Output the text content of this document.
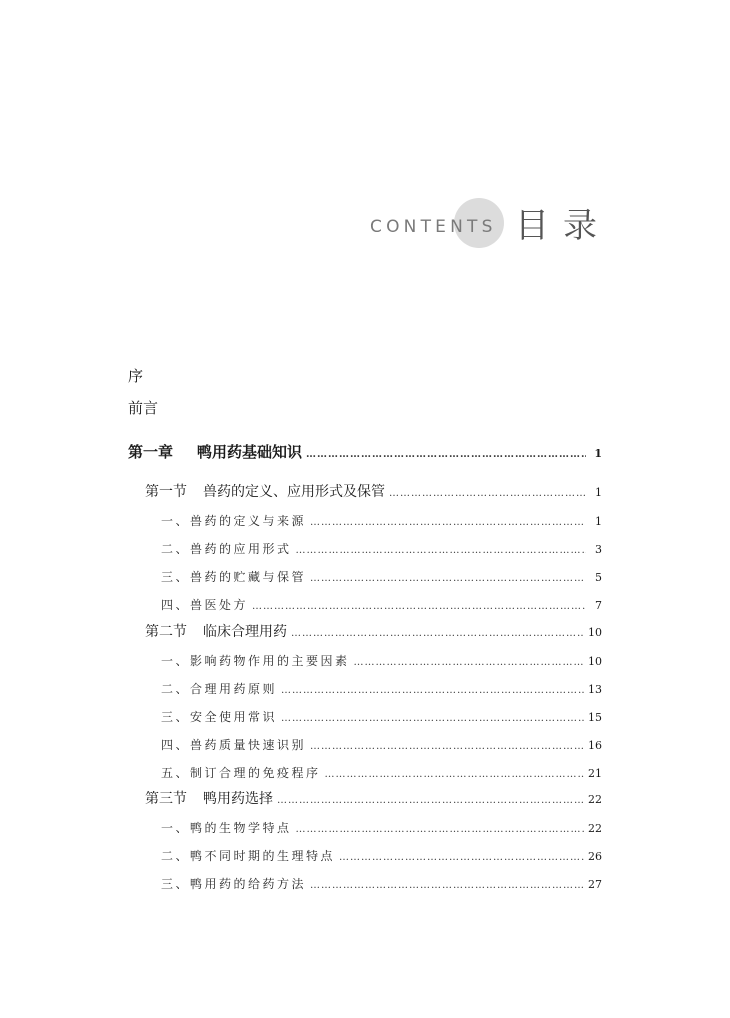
CONTENTS 目录
序
前言
第一章 鸭用药基础知识 …………………………………………………………………………………………………………………………………………………………………………………………………………………………	1
第一节 兽药的定义、应用形式及保管 …………………………………………………………………………………………………………………………………………………………………………………………………………………………	1
一、兽药的定义与来源 …………………………………………………………………………………………………………………………………………………………………………………………………………………………	1
二、兽药的应用形式 …………………………………………………………………………………………………………………………………………………………………………………………………………………………	3
三、兽药的贮藏与保管 …………………………………………………………………………………………………………………………………………………………………………………………………………………………	5
四、兽医处方 …………………………………………………………………………………………………………………………………………………………………………………………………………………………	7
第二节 临床合理用药 …………………………………………………………………………………………………………………………………………………………………………………………………………………………	10
一、影响药物作用的主要因素 …………………………………………………………………………………………………………………………………………………………………………………………………………………………	10
二、合理用药原则 …………………………………………………………………………………………………………………………………………………………………………………………………………………………	13
三、安全使用常识 …………………………………………………………………………………………………………………………………………………………………………………………………………………………	15
四、兽药质量快速识别 …………………………………………………………………………………………………………………………………………………………………………………………………………………………	16
五、制订合理的免疫程序 …………………………………………………………………………………………………………………………………………………………………………………………………………………………	21
第三节 鸭用药选择 …………………………………………………………………………………………………………………………………………………………………………………………………………………………	22
一、鸭的生物学特点 …………………………………………………………………………………………………………………………………………………………………………………………………………………………	22
二、鸭不同时期的生理特点 …………………………………………………………………………………………………………………………………………………………………………………………………………………………	26
三、鸭用药的给药方法 …………………………………………………………………………………………………………………………………………………………………………………………………………………………	27
